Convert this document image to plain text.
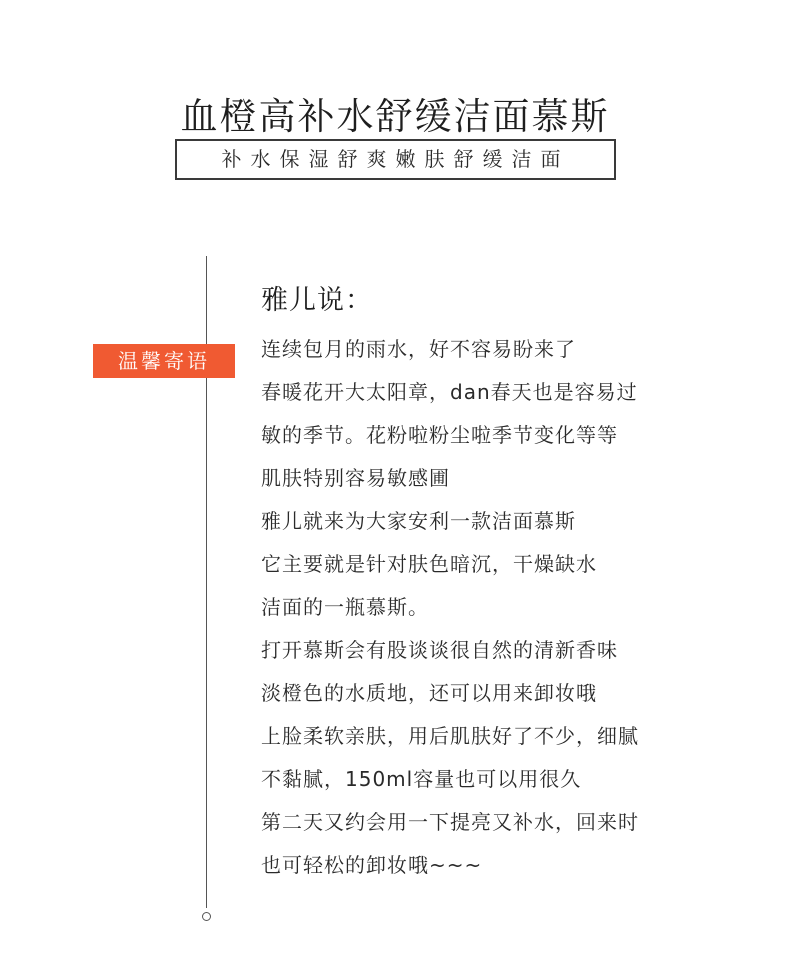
血橙高补水舒缓洁面慕斯
补水保湿舒爽嫩肤舒缓洁面
温馨寄语
雅儿说：
连续包月的雨水，好不容易盼来了
春暖花开大太阳章，dan春天也是容易过
敏的季节。花粉啦粉尘啦季节变化等等
肌肤特别容易敏感圃
雅儿就来为大家安利一款洁面慕斯
它主要就是针对肤色暗沉，干燥缺水
洁面的一瓶慕斯。
打开慕斯会有股谈谈很自然的清新香味
淡橙色的水质地，还可以用来卸妆哦
上脸柔软亲肤，用后肌肤好了不少，细腻
不黏腻，150ml容量也可以用很久
第二天又约会用一下提亮又补水，回来时
也可轻松的卸妆哦~~~
